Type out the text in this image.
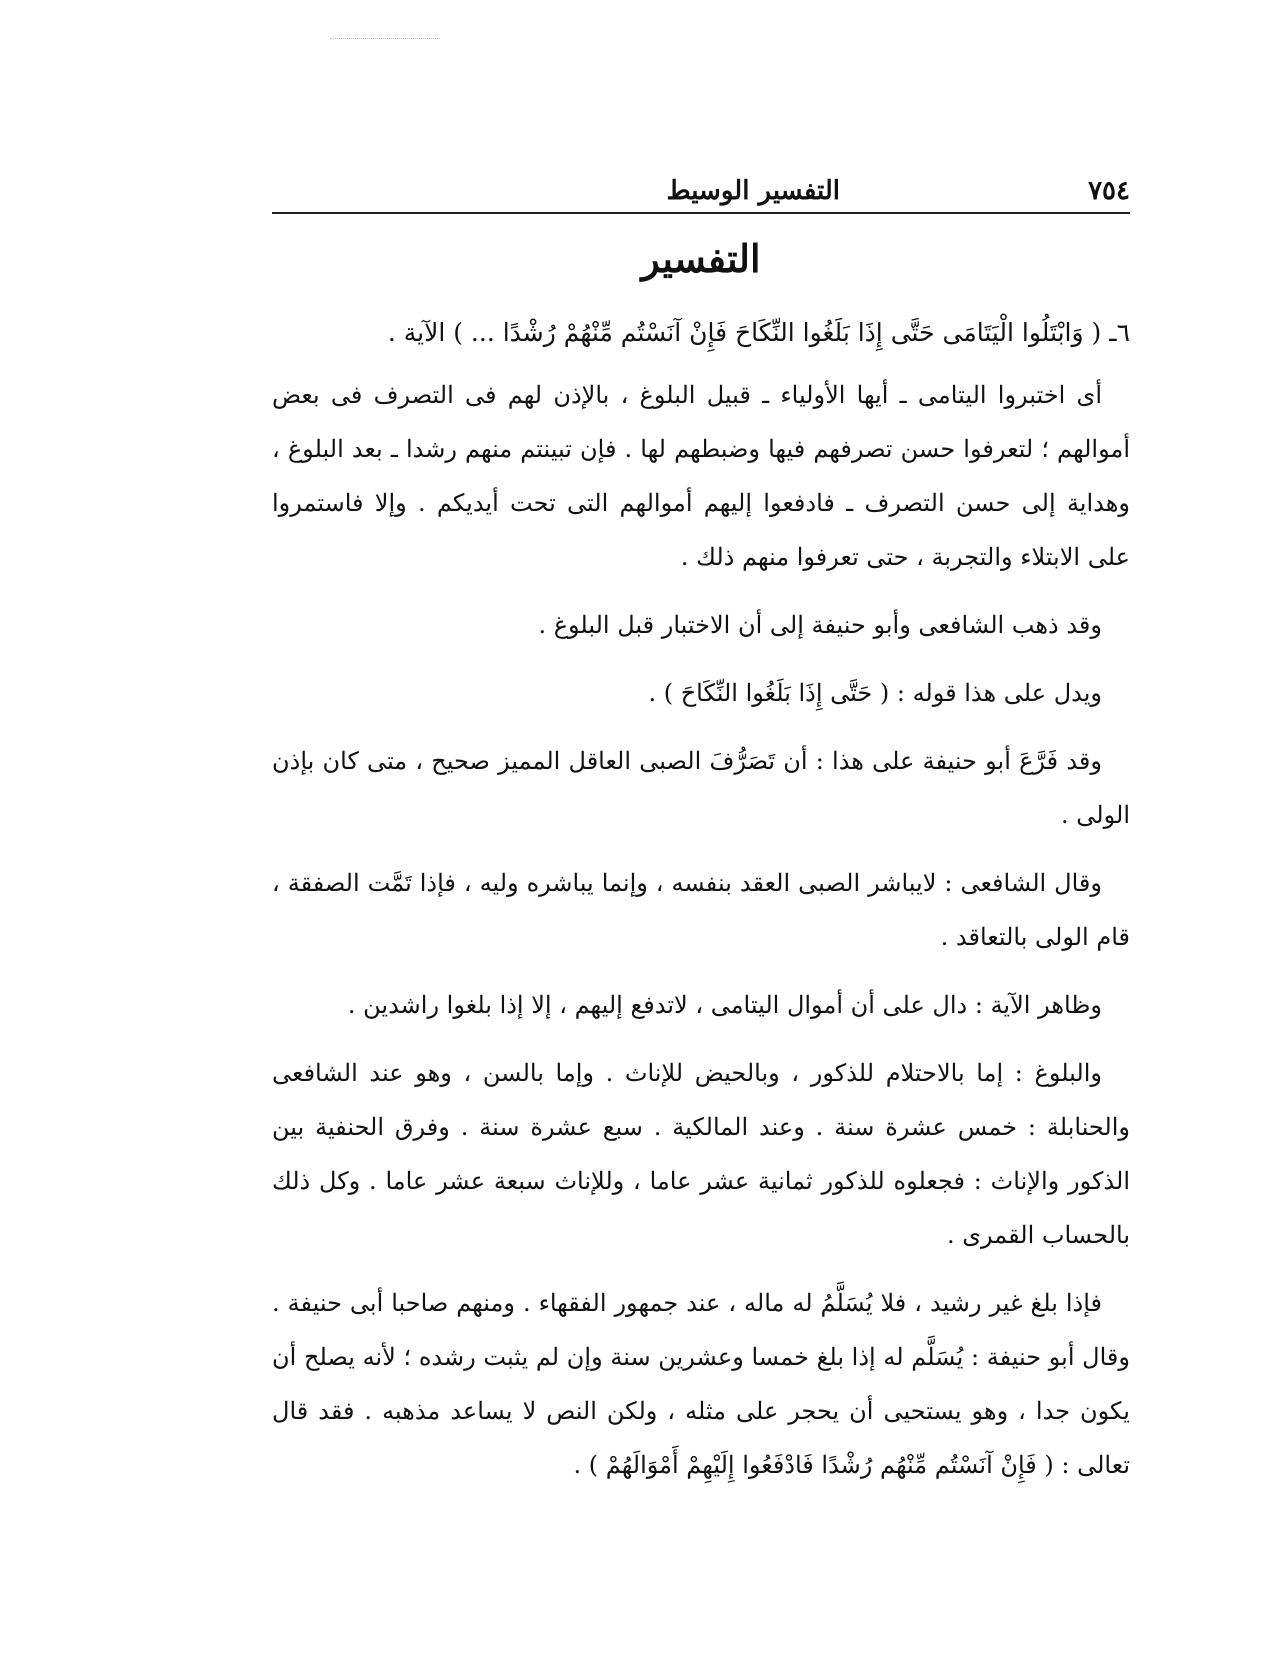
٧٥٤
التفسير الوسيط
التفسير

٦ـ ( وَابْتَلُوا الْيَتَامَى حَتَّى إِذَا بَلَغُوا النِّكَاحَ فَإِنْ آنَسْتُم مِّنْهُمْ رُشْدًا ... ) الآية .

أى اختبروا اليتامى ـ أيها الأولياء ـ قبيل البلوغ ، بالإذن لهم فى التصرف فى بعض أموالهم ؛ لتعرفوا حسن تصرفهم فيها وضبطهم لها . فإن تبينتم منهم رشدا ـ بعد البلوغ ، وهداية إلى حسن التصرف ـ فادفعوا إليهم أموالهم التى تحت أيديكم . وإلا فاستمروا على الابتلاء والتجربة ، حتى تعرفوا منهم ذلك .

وقد ذهب الشافعى وأبو حنيفة إلى أن الاختبار قبل البلوغ .

ويدل على هذا قوله : ( حَتَّى إِذَا بَلَغُوا النِّكَاحَ ) .

وقد فَرَّعَ أبو حنيفة على هذا : أن تَصَرُّفَ الصبى العاقل المميز صحيح ، متى كان بإذن الولى .

وقال الشافعى : لايباشر الصبى العقد بنفسه ، وإنما يباشره وليه ، فإذا تَمَّت الصفقة ، قام الولى بالتعاقد .

وظاهر الآية : دال على أن أموال اليتامى ، لاتدفع إليهم ، إلا إذا بلغوا راشدين .

والبلوغ : إما بالاحتلام للذكور ، وبالحيض للإناث . وإما بالسن ، وهو عند الشافعى والحنابلة : خمس عشرة سنة . وعند المالكية . سبع عشرة سنة . وفرق الحنفية بين الذكور والإناث : فجعلوه للذكور ثمانية عشر عاما ، وللإناث سبعة عشر عاما . وكل ذلك بالحساب القمرى .

فإذا بلغ غير رشيد ، فلا يُسَلَّمُ له ماله ، عند جمهور الفقهاء . ومنهم صاحبا أبى حنيفة . وقال أبو حنيفة : يُسَلَّم له إذا بلغ خمسا وعشرين سنة وإن لم يثبت رشده ؛ لأنه يصلح أن يكون جدا ، وهو يستحيى أن يحجر على مثله ، ولكن النص لا يساعد مذهبه . فقد قال تعالى : ( فَإِنْ آنَسْتُم مِّنْهُم رُشْدًا فَادْفَعُوا إِلَيْهِمْ أَمْوَالَهُمْ ) .
